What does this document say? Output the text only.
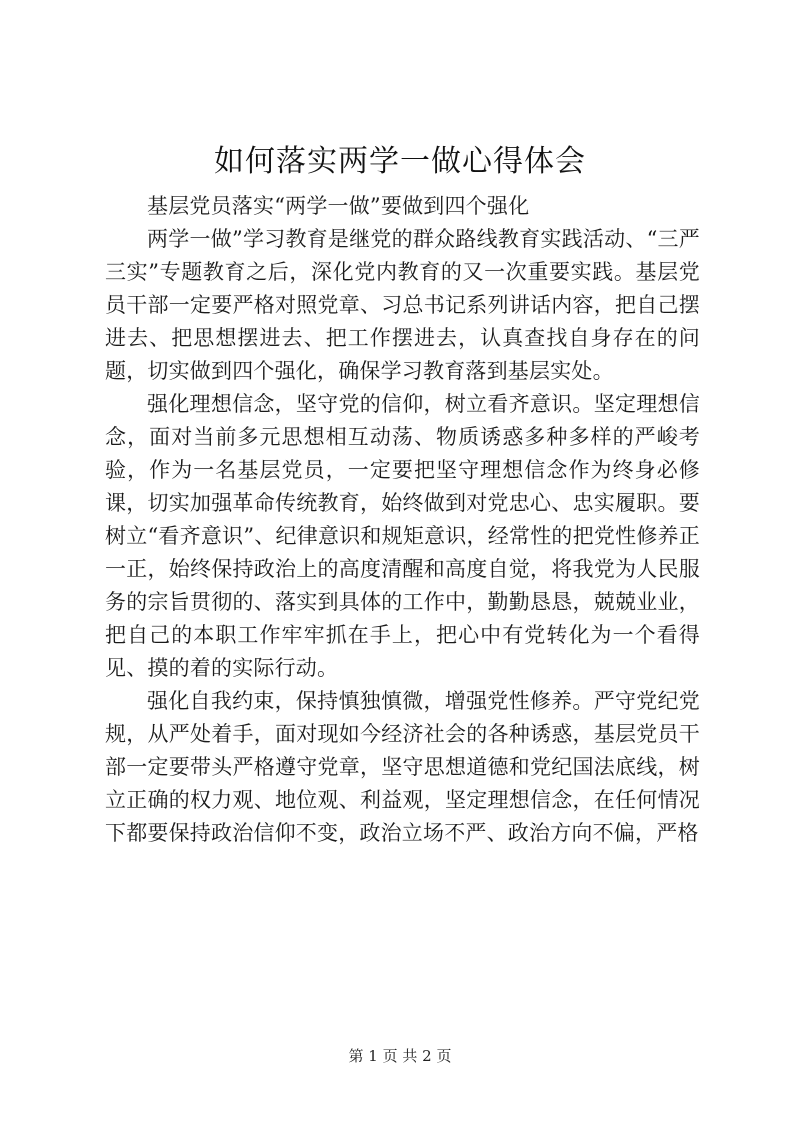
如何落实两学一做心得体会

基层党员落实“两学一做”要做到四个强化

两学一做”学习教育是继党的群众路线教育实践活动、“三严三实”专题教育之后，深化党内教育的又一次重要实践。基层党员干部一定要严格对照党章、习总书记系列讲话内容，把自己摆进去、把思想摆进去、把工作摆进去，认真查找自身存在的问题，切实做到四个强化，确保学习教育落到基层实处。

强化理想信念，坚守党的信仰，树立看齐意识。坚定理想信念，面对当前多元思想相互动荡、物质诱惑多种多样的严峻考验，作为一名基层党员，一定要把坚守理想信念作为终身必修课，切实加强革命传统教育，始终做到对党忠心、忠实履职。要树立“看齐意识”、纪律意识和规矩意识，经常性的把党性修养正一正，始终保持政治上的高度清醒和高度自觉，将我党为人民服务的宗旨贯彻的、落实到具体的工作中，勤勤恳恳，兢兢业业，把自己的本职工作牢牢抓在手上，把心中有党转化为一个看得见、摸的着的实际行动。

强化自我约束，保持慎独慎微，增强党性修养。严守党纪党规，从严处着手，面对现如今经济社会的各种诱惑，基层党员干部一定要带头严格遵守党章，坚守思想道德和党纪国法底线，树立正确的权力观、地位观、利益观，坚定理想信念，在任何情况下都要保持政治信仰不变，政治立场不严、政治方向不偏，严格

第 1 页 共 2 页
